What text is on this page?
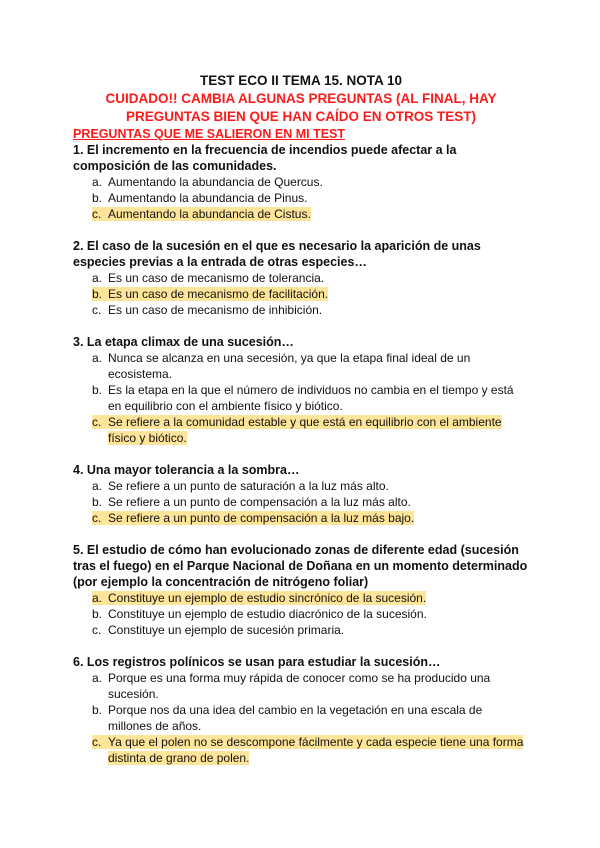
TEST ECO II TEMA 15. NOTA 10
CUIDADO!! CAMBIA ALGUNAS PREGUNTAS (AL FINAL, HAY PREGUNTAS BIEN QUE HAN CAÍDO EN OTROS TEST)
PREGUNTAS QUE ME SALIERON EN MI TEST
1. El incremento en la frecuencia de incendios puede afectar a la composición de las comunidades.
a. Aumentando la abundancia de Quercus.
b. Aumentando la abundancia de Pinus.
c. Aumentando la abundancia de Cistus.
2. El caso de la sucesión en el que es necesario la aparición de unas especies previas a la entrada de otras especies…
a. Es un caso de mecanismo de tolerancia.
b. Es un caso de mecanismo de facilitación.
c. Es un caso de mecanismo de inhibición.
3. La etapa climax de una sucesión…
a. Nunca se alcanza en una secesión, ya que la etapa final ideal de un ecosistema.
b. Es la etapa en la que el número de individuos no cambia en el tiempo y está en equilibrio con el ambiente físico y biótico.
c. Se refiere a la comunidad estable y que está en equilibrio con el ambiente físico y biótico.
4. Una mayor tolerancia a la sombra…
a. Se refiere a un punto de saturación a la luz más alto.
b. Se refiere a un punto de compensación a la luz más alto.
c. Se refiere a un punto de compensación a la luz más bajo.
5. El estudio de cómo han evolucionado zonas de diferente edad (sucesión tras el fuego) en el Parque Nacional de Doñana en un momento determinado (por ejemplo la concentración de nitrógeno foliar)
a. Constituye un ejemplo de estudio sincrónico de la sucesión.
b. Constituye un ejemplo de estudio diacrónico de la sucesión.
c. Constituye un ejemplo de sucesión primaria.
6. Los registros polínicos se usan para estudiar la sucesión…
a. Porque es una forma muy rápida de conocer como se ha producido una sucesión.
b. Porque nos da una idea del cambio en la vegetación en una escala de millones de años.
c. Ya que el polen no se descompone fácilmente y cada especie tiene una forma distinta de grano de polen.
